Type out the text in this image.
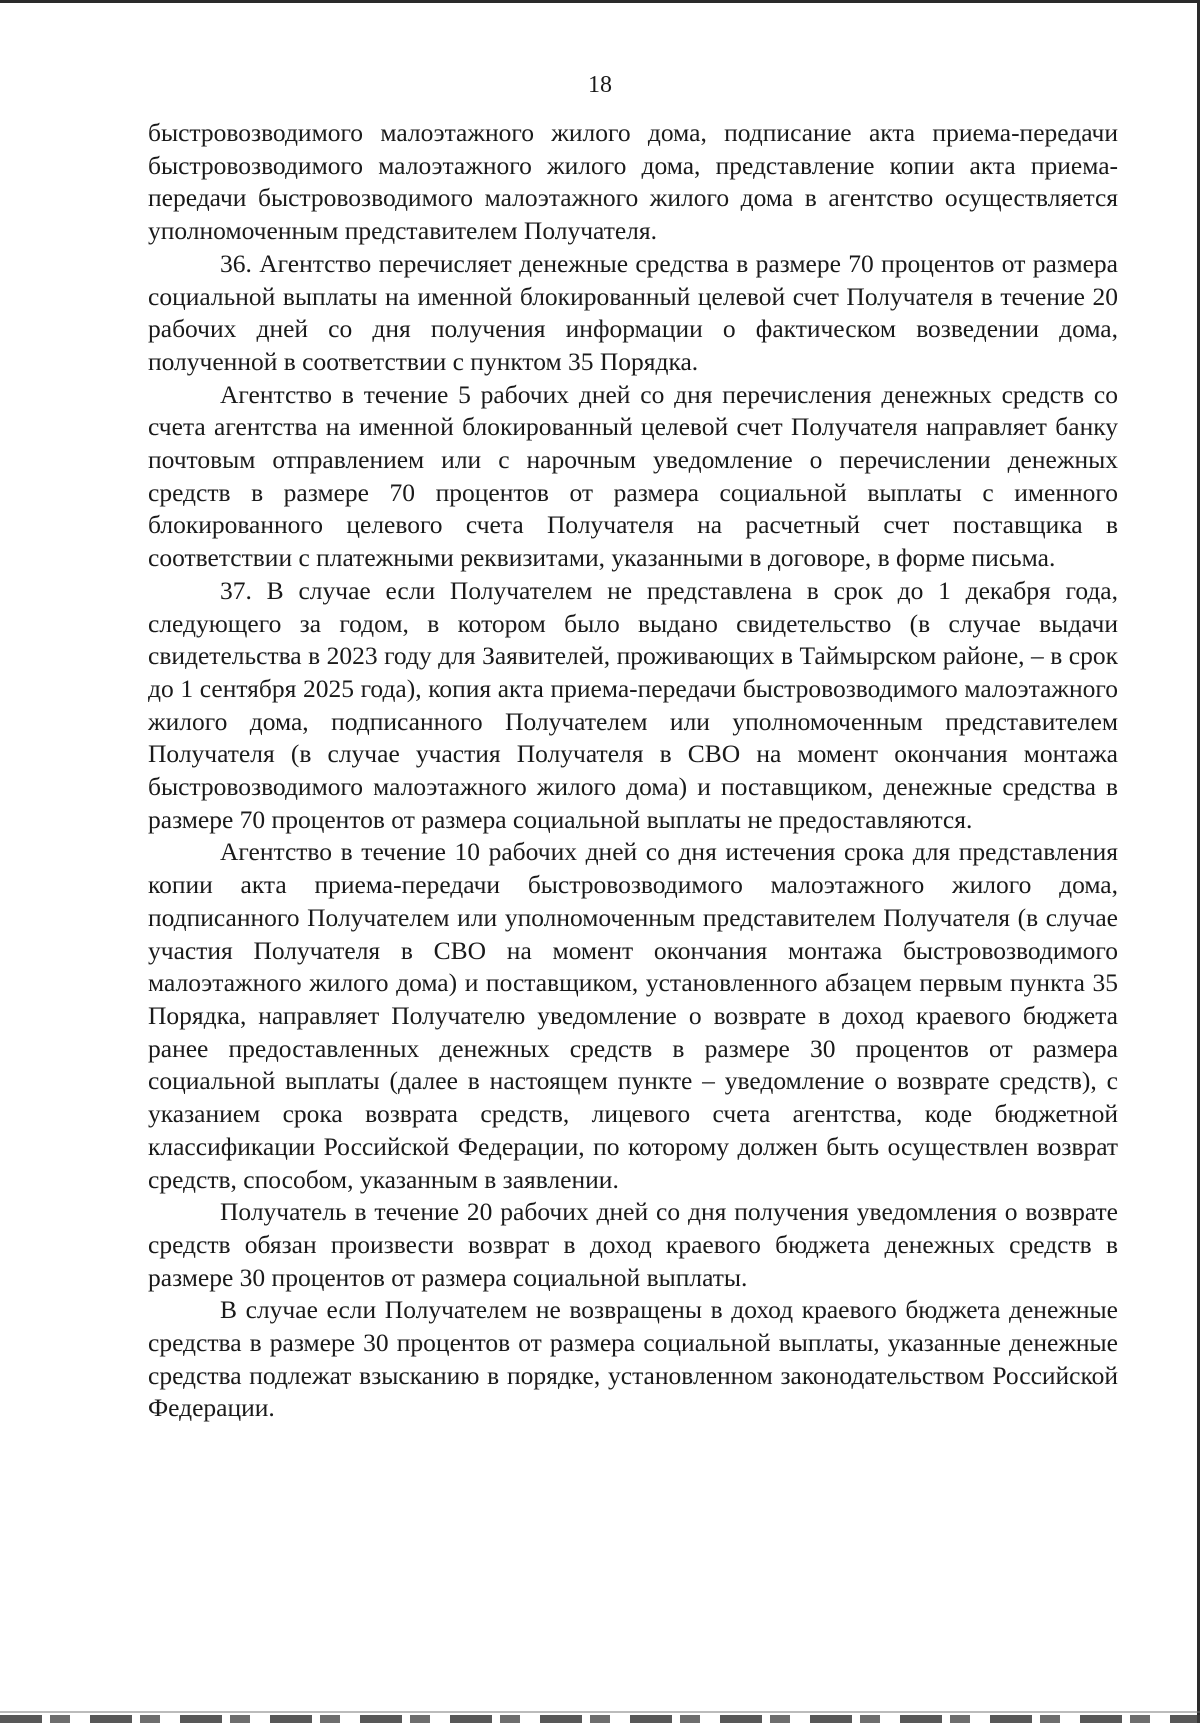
18

быстровозводимого малоэтажного жилого дома, подписание акта приема-передачи быстровозводимого малоэтажного жилого дома, представление копии акта приема-передачи быстровозводимого малоэтажного жилого дома в агентство осуществляется уполномоченным представителем Получателя.

36. Агентство перечисляет денежные средства в размере 70 процентов от размера социальной выплаты на именной блокированный целевой счет Получателя в течение 20 рабочих дней со дня получения информации о фактическом возведении дома, полученной в соответствии с пунктом 35 Порядка.

Агентство в течение 5 рабочих дней со дня перечисления денежных средств со счета агентства на именной блокированный целевой счет Получателя направляет банку почтовым отправлением или с нарочным уведомление о перечислении денежных средств в размере 70 процентов от размера социальной выплаты с именного блокированного целевого счета Получателя на расчетный счет поставщика в соответствии с платежными реквизитами, указанными в договоре, в форме письма.

37. В случае если Получателем не представлена в срок до 1 декабря года, следующего за годом, в котором было выдано свидетельство (в случае выдачи свидетельства в 2023 году для Заявителей, проживающих в Таймырском районе, – в срок до 1 сентября 2025 года), копия акта приема-передачи быстровозводимого малоэтажного жилого дома, подписанного Получателем или уполномоченным представителем Получателя (в случае участия Получателя в СВО на момент окончания монтажа быстровозводимого малоэтажного жилого дома) и поставщиком, денежные средства в размере 70 процентов от размера социальной выплаты не предоставляются.

Агентство в течение 10 рабочих дней со дня истечения срока для представления копии акта приема-передачи быстровозводимого малоэтажного жилого дома, подписанного Получателем или уполномоченным представителем Получателя (в случае участия Получателя в СВО на момент окончания монтажа быстровозводимого малоэтажного жилого дома) и поставщиком, установленного абзацем первым пункта 35 Порядка, направляет Получателю уведомление о возврате в доход краевого бюджета ранее предоставленных денежных средств в размере 30 процентов от размера социальной выплаты (далее в настоящем пункте – уведомление о возврате средств), с указанием срока возврата средств, лицевого счета агентства, коде бюджетной классификации Российской Федерации, по которому должен быть осуществлен возврат средств, способом, указанным в заявлении.

Получатель в течение 20 рабочих дней со дня получения уведомления о возврате средств обязан произвести возврат в доход краевого бюджета денежных средств в размере 30 процентов от размера социальной выплаты.

В случае если Получателем не возвращены в доход краевого бюджета денежные средства в размере 30 процентов от размера социальной выплаты, указанные денежные средства подлежат взысканию в порядке, установленном законодательством Российской Федерации.
